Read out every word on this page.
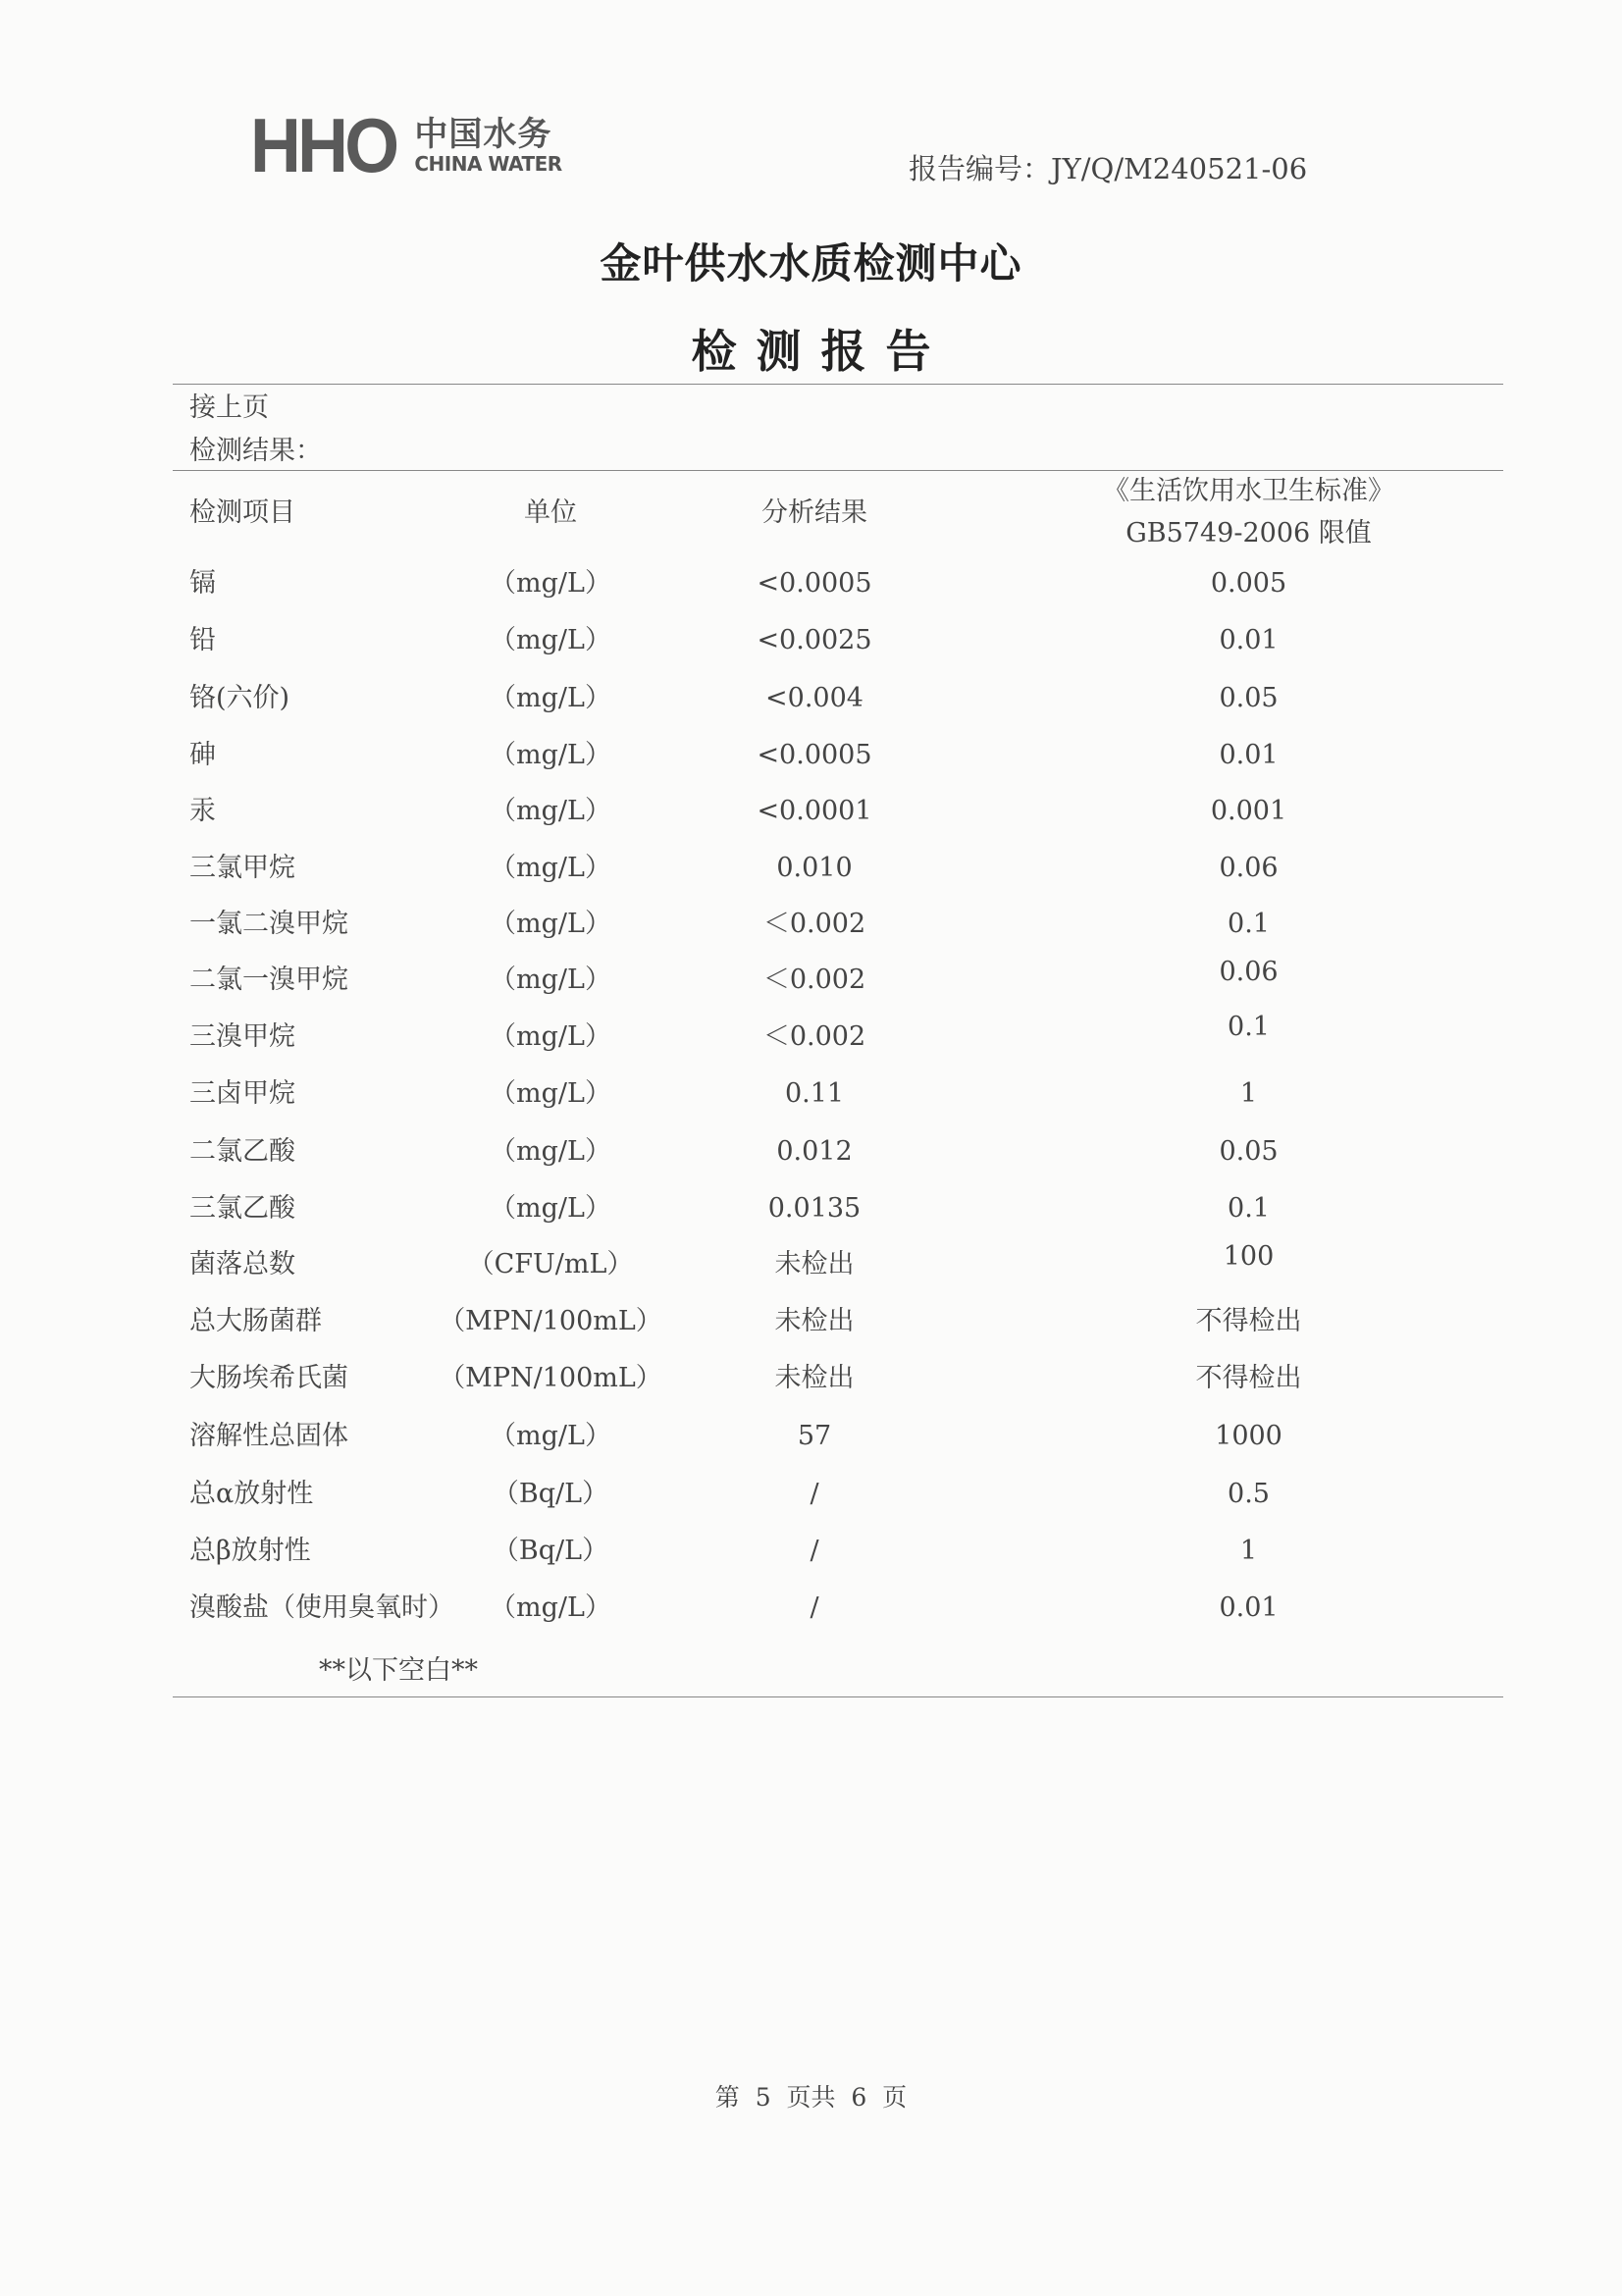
HHO 中国水务
CHINA WATER	报告编号：JY/Q/M240521-06
金叶供水水质检测中心
检测报告
接上页
检测结果：
检测项目	单位	分析结果
《生活饮用水卫生标准》
GB5749-2006 限值
镉	（mg/L）	<0.0005	0.005
铅	（mg/L）	<0.0025	0.01
铬(六价)	（mg/L）	<0.004	0.05
砷	（mg/L）	<0.0005	0.01
汞	（mg/L）	<0.0001	0.001
三氯甲烷	（mg/L）	0.010	0.06
一氯二溴甲烷	（mg/L）	＜0.002	0.1
二氯一溴甲烷	（mg/L）	＜0.002	0.06
三溴甲烷	（mg/L）	＜0.002	0.1
三卤甲烷	（mg/L）	0.11	1
二氯乙酸	（mg/L）	0.012	0.05
三氯乙酸	（mg/L）	0.0135	0.1
菌落总数	（CFU/mL）	未检出	100
总大肠菌群	（MPN/100mL）	未检出	不得检出
大肠埃希氏菌	（MPN/100mL）	未检出	不得检出
溶解性总固体	（mg/L）	57	1000
总α放射性	（Bq/L）	/	0.5
总β放射性	（Bq/L）	/	1
溴酸盐（使用臭氧时）	（mg/L）	/	0.01
**以下空白**
第  5  页共  6  页
